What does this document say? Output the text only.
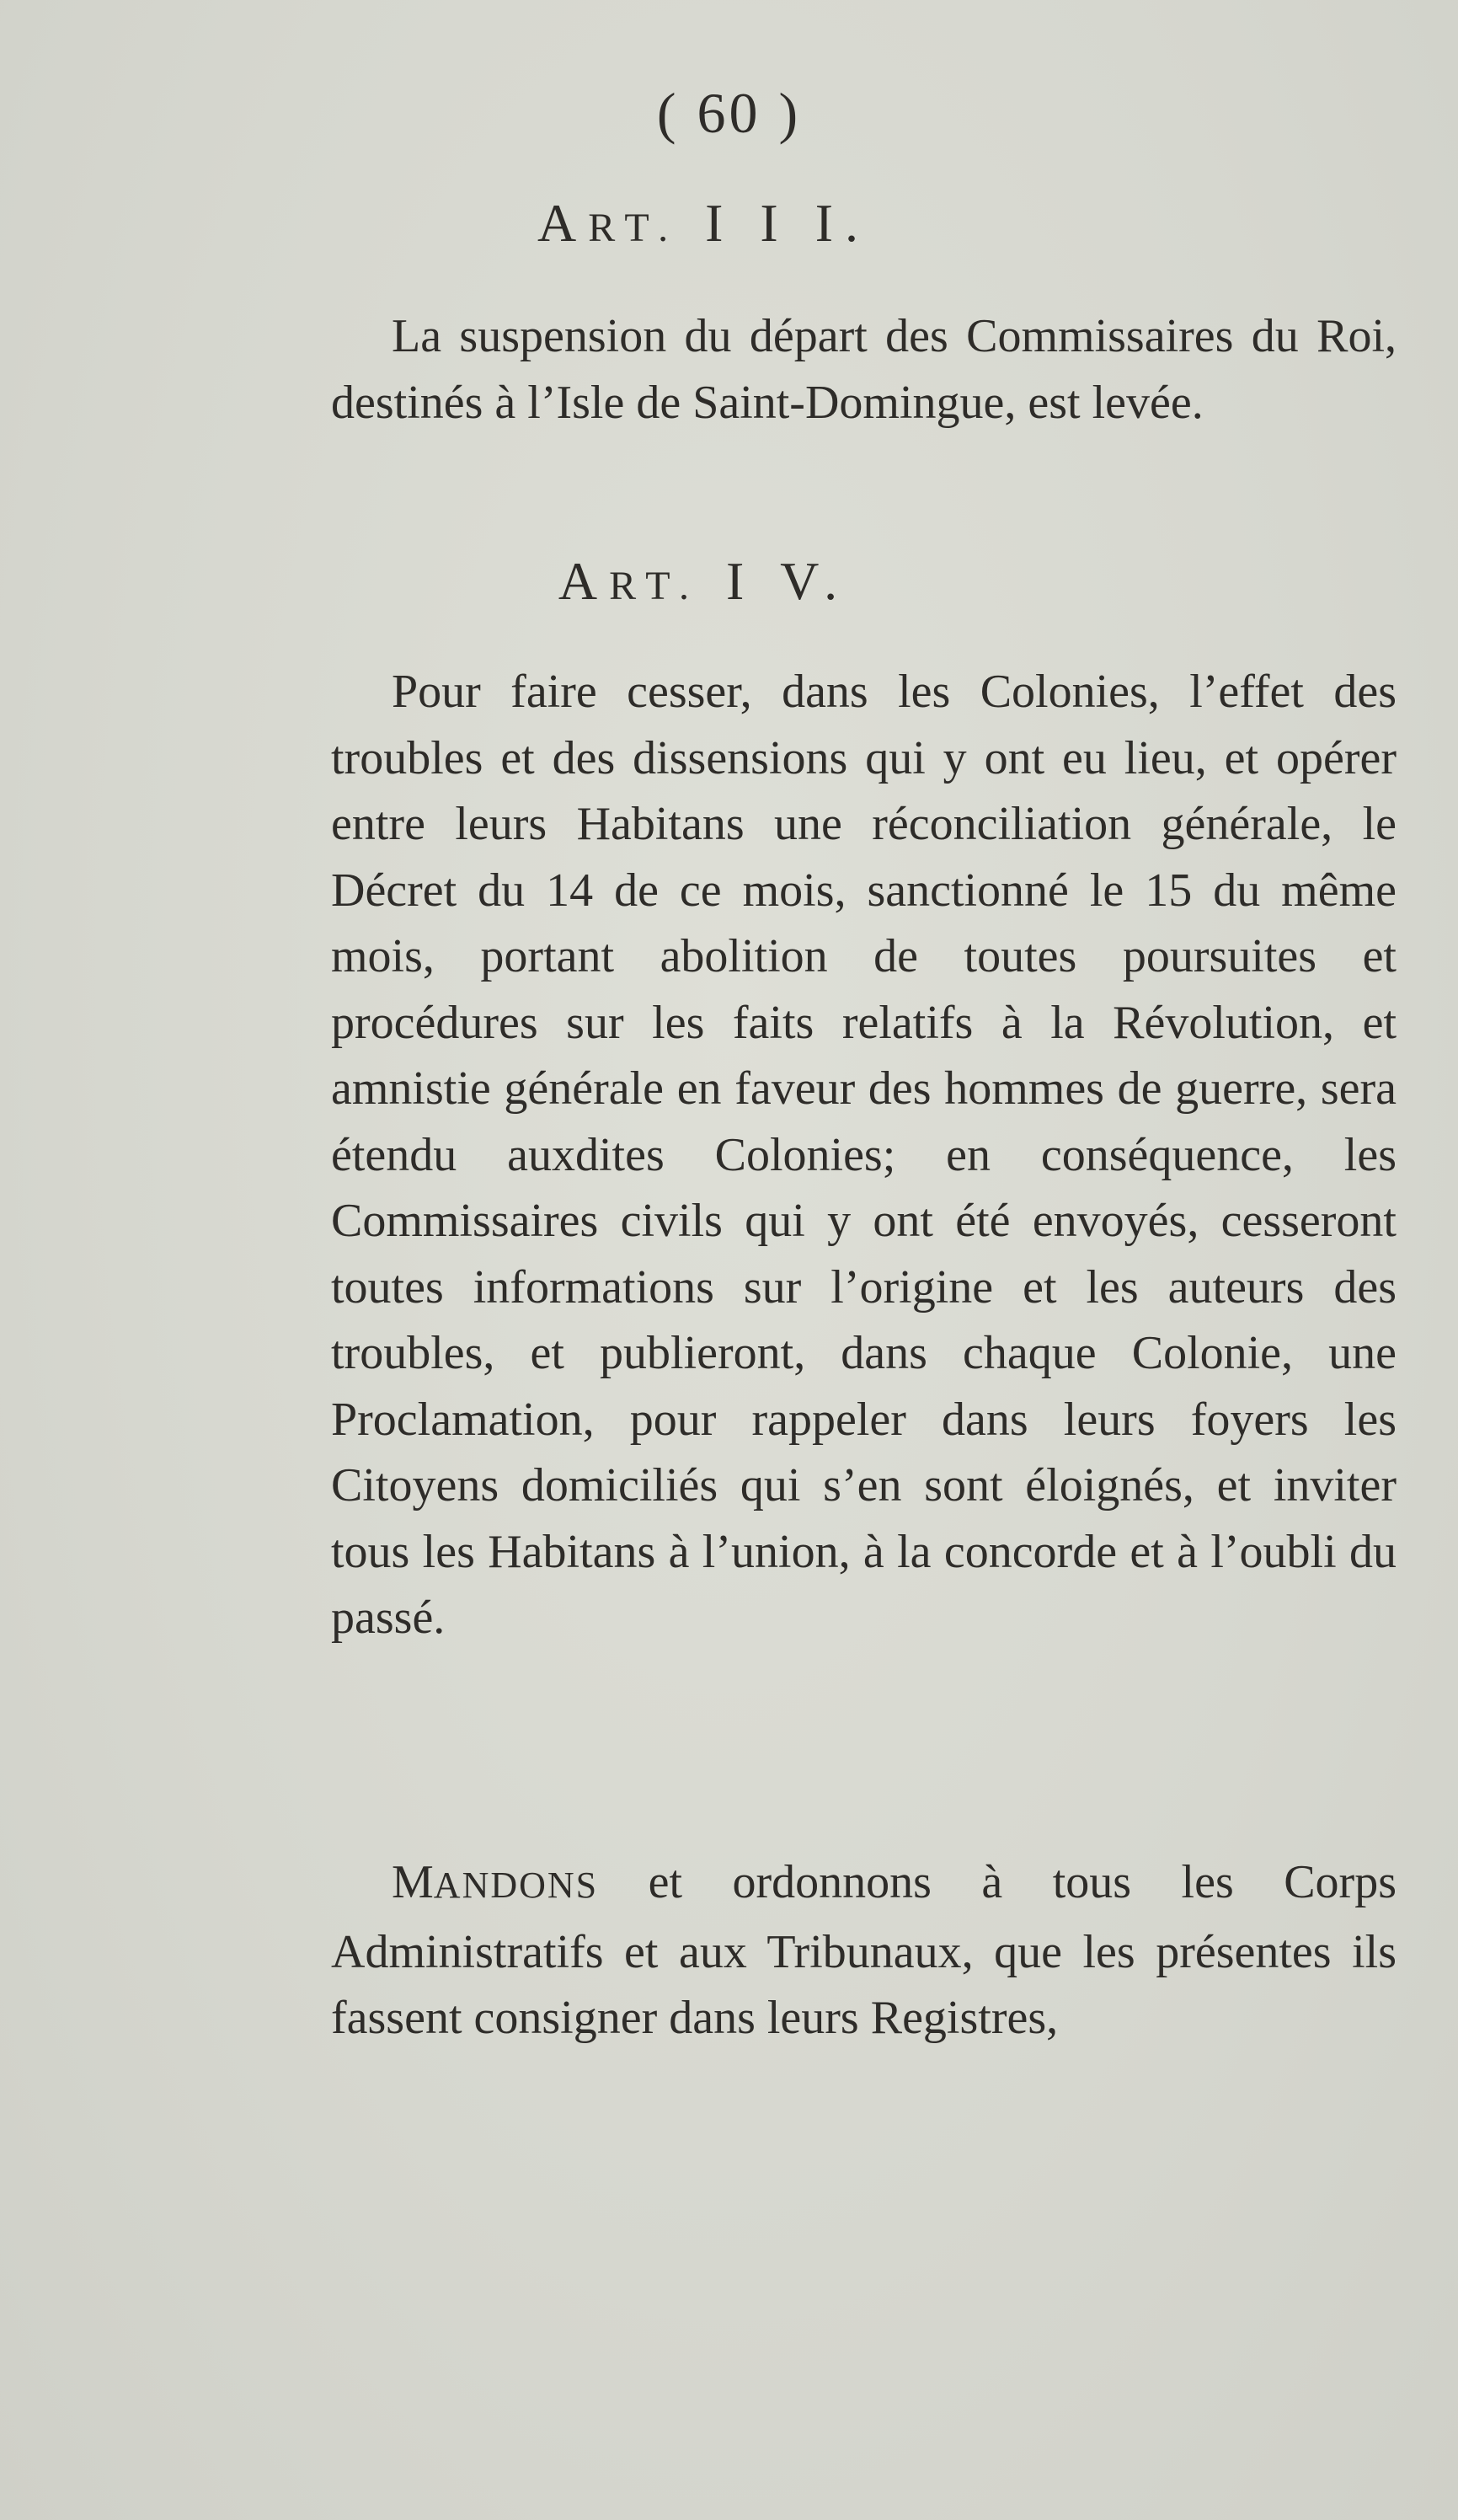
( 60 )
ART. I I I.

La suspension du départ des Commissaires du Roi, destinés à l’Isle de Saint-Domingue, est levée.

ART. I V.

Pour faire cesser, dans les Colonies, l’effet des troubles et des dissensions qui y ont eu lieu, et opérer entre leurs Habitans une réconciliation générale, le Décret du 14 de ce mois, sanctionné le 15 du même mois, portant abolition de toutes poursuites et procédures sur les faits relatifs à la Révolution, et amnistie générale en faveur des hommes de guerre, sera étendu auxdites Colonies; en conséquence, les Commissaires civils qui y ont été envoyés, cesseront toutes informations sur l’origine et les auteurs des troubles, et publieront, dans chaque Colonie, une Proclamation, pour rappeler dans leurs foyers les Citoyens domiciliés qui s’en sont éloignés, et inviter tous les Habitans à l’union, à la concorde et à l’oubli du passé.

MANDONS et ordonnons à tous les Corps Administratifs et aux Tribunaux, que les présentes ils fassent consigner dans leurs Registres,
